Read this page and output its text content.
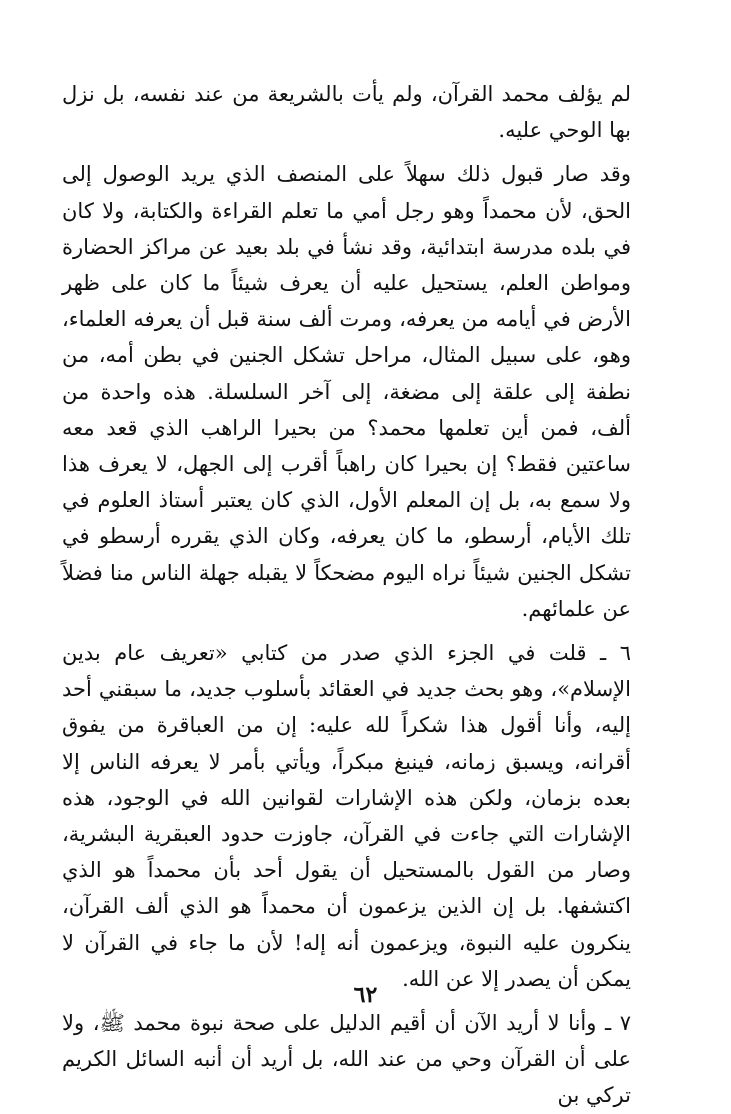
لم يؤلف محمد القرآن، ولم يأت بالشريعة من عند نفسه، بل نزل بها الوحي عليه.

وقد صار قبول ذلك سهلاً على المنصف الذي يريد الوصول إلى الحق، لأن محمداً وهو رجل أمي ما تعلم القراءة والكتابة، ولا كان في بلده مدرسة ابتدائية، وقد نشأ في بلد بعيد عن مراكز الحضارة ومواطن العلم، يستحيل عليه أن يعرف شيئاً ما كان على ظهر الأرض في أيامه من يعرفه، ومرت ألف سنة قبل أن يعرفه العلماء، وهو، على سبيل المثال، مراحل تشكل الجنين في بطن أمه، من نطفة إلى علقة إلى مضغة، إلى آخر السلسلة. هذه واحدة من ألف، فمن أين تعلمها محمد؟ من بحيرا الراهب الذي قعد معه ساعتين فقط؟ إن بحيرا كان راهباً أقرب إلى الجهل، لا يعرف هذا ولا سمع به، بل إن المعلم الأول، الذي كان يعتبر أستاذ العلوم في تلك الأيام، أرسطو، ما كان يعرفه، وكان الذي يقرره أرسطو في تشكل الجنين شيئاً نراه اليوم مضحكاً لا يقبله جهلة الناس منا فضلاً عن علمائهم.

٦ ـ قلت في الجزء الذي صدر من كتابي «تعريف عام بدين الإسلام»، وهو بحث جديد في العقائد بأسلوب جديد، ما سبقني أحد إليه، وأنا أقول هذا شكراً لله عليه: إن من العباقرة من يفوق أقرانه، ويسبق زمانه، فينبغ مبكراً، ويأتي بأمر لا يعرفه الناس إلا بعده بزمان، ولكن هذه الإشارات لقوانين الله في الوجود، هذه الإشارات التي جاءت في القرآن، جاوزت حدود العبقرية البشرية، وصار من القول بالمستحيل أن يقول أحد بأن محمداً هو الذي اكتشفها. بل إن الذين يزعمون أن محمداً هو الذي ألف القرآن، ينكرون عليه النبوة، ويزعمون أنه إله! لأن ما جاء في القرآن لا يمكن أن يصدر إلا عن الله.

٧ ـ وأنا لا أريد الآن أن أقيم الدليل على صحة نبوة محمد ﷺ، ولا على أن القرآن وحي من عند الله، بل أريد أن أنبه السائل الكريم تركي بن

٦٢
